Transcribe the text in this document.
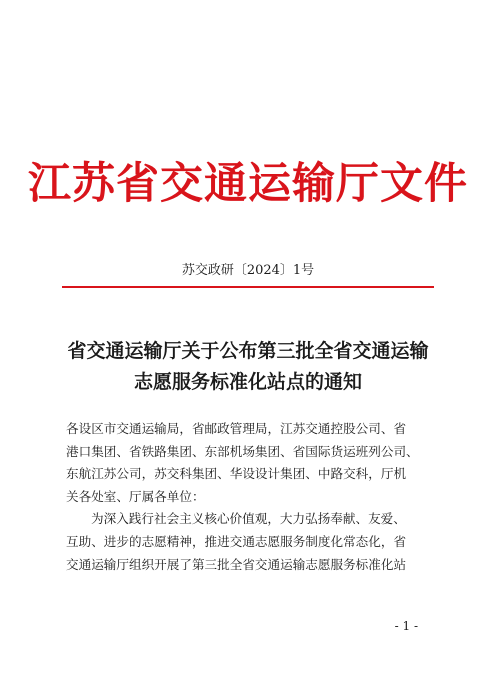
江苏省交通运输厅文件
苏交政研〔2024〕1号
省交通运输厅关于公布第三批全省交通运输
志愿服务标准化站点的通知

各设区市交通运输局，省邮政管理局，江苏交通控股公司、省

港口集团、省铁路集团、东部机场集团、省国际货运班列公司、

东航江苏公司，苏交科集团、华设设计集团、中路交科，厅机

关各处室、厅属各单位：

为深入践行社会主义核心价值观，大力弘扬奉献、友爱、

互助、进步的志愿精神，推进交通志愿服务制度化常态化，省

交通运输厅组织开展了第三批全省交通运输志愿服务标准化站

- 1 -
